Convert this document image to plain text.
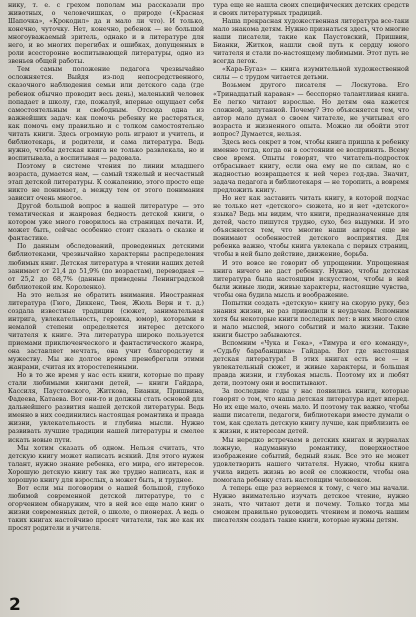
нику, т. е. с грехом пополам мы рассказали про животных, о человечишках, о природе («Красная Шапочка», «Крокодил» да и мало ли что). И только, конечно, чуточку. Нет, конечно, ребенок — не большой многоуважаемый зритель, однако и в литературе для него, и во многих перегибах и ошибках, допущенных в роли всесторонне воспитывающей литературы, одно из звеньев общей работы.

Тем самым положение педагога чрезвычайно осложняется. Выйдя из-под непосредственного, сказочного наблюдения семьи или детского сада (где ребенок обычно проводит весь день), маленький человек попадает в школу, где, пожалуй, впервые ощущает себя самостоятельным и свободным. Отсюда одна из важнейших задач: как помочь ребенку не растеряться, как помочь ему правильно и с толком самостоятельно читать книги. Здесь огромную роль играют и учитель, и библиотекарь, и родители, и сама литература. Ведь нужно, чтобы детская книга не только развлекала, но и воспитывала, а воспитывая — радовала.

Поэтому в системе чтения по линии младшего возраста, думается нам, — самый тяжелый и несчастный этап детской литературы. К сожалению, этого просто еще никто не понимает, а между тем от этого понимания зависит очень многое.

Другой большой вопрос в нашей литературе — это тематическая и жанровая бедность детской книги, о котором уже много говорилось на страницах печати. И, может быть, сейчас особенно стоит сказать о сказке и фантастике.

По данным обследований, проведенных детскими библиотеками, чрезвычайно характерны распределения любимых книг. Детская литература в чтении наших детей занимает от 21,4 до 51,9% (по возрастам), переводная — от 25,2 до 68,7% (данные приведены Ленинградской библиотекой им. Короленко).

На это нельзя не обратить внимания. Иностранная литература (Гюго, Диккенс, Твен, Жюль Верн и т. д.) создала известные традиции (сюжет, занимательная интрига, увлекательность, героика, юмор), которыми в немалой степени определяется интерес детского читателя к книге. Эта литература широко пользуется приемами приключенческого и фантастического жанра, она заставляет мечтать, она учит благородству и мужеству. Мы же долгое время пренебрегали этими жанрами, считая их второстепенными.

Но в то же время у нас есть книги, которые по праву стали любимыми книгами детей, — книги Гайдара, Кассиля, Паустовского, Житкова, Бианки, Пришвина, Фадеева, Катаева. Вот они-то и должны стать основой для дальнейшего развития нашей детской литературы. Ведь именно в них соединились настоящая романтика и правда жизни, увлекательность и глубина мысли. Нужно развивать лучшие традиции нашей литературы и смелее искать новые пути.

Мы хотим сказать об одном. Нельзя считать, что детскую книгу может написать всякий. Для этого нужен талант, нужно знание ребенка, его мира, его интересов. Хорошую детскую книгу так же трудно написать, как и хорошую книгу для взрослых, а может быть, и труднее.

Вот если мы поговорим о нашей большой, глубоко любимой современной детской литературе, то с огорчением обнаружим, что в ней все еще мало книг о жизни современных детей, о школе, о пионерах. А ведь о таких книгах настойчиво просят читатели, так же как их просят родители и учителя.

тура еще не нашла своих специфических детских средств и своих литературных традиций.

Наша прекрасная художественная литература все-таки мало знакома детям. Нужно признаться здесь, что многие наши писатели, такие как Паустовский, Пришвин, Бианки, Житков, нашли свой путь к сердцу юного читателя и стали по-настоящему любимыми. Этот путь не всегда легок.

«Кара-Бугаз» — книга изумительной художественной силы — с трудом читается детьми.

Возьмем другого писателя — Лоскутова. Его «Тринадцатый караван» — бесспорно талантливая книга. Ее легко читают взрослые. Но детям она кажется сложной, запутанной. Почему? Это объясняется тем, что автор мало думал о своем читателе, не учитывал его возраста и жизненного опыта. Можно ли обойти этот вопрос? Думается, нельзя.

Здесь весь секрет в том, чтобы книга пришла к ребенку именно тогда, когда он в состоянии ее воспринять. Всему свое время. Опыты говорят, что читатель-подросток отбрасывает книгу, если она ему не по силам, но с жадностью возвращается к ней через год-два. Значит, задача педагога и библиотекаря — не торопить, а вовремя предложить книгу.

Но нет как заставить читать книгу, в которой подчас не только нет «детского» сюжета, но и нет «детского» языка? Ведь мы видим, что книги, предназначенные для детей, часто пишутся трудно, сухо, без выдумки. И это объясняется тем, что многие наши авторы еще не понимают особенностей детского восприятия. Для ребенка важно, чтобы книга увлекала с первых страниц, чтобы в ней было действие, движение, борьба.

И это вовсе не говорит об упрощении. Упрощенная книга ничего не даст ребенку. Нужно, чтобы детская литература была настоящим искусством, чтобы в ней были живые люди, живые характеры, настоящие чувства, чтобы она будила мысль и воображение.

Попытки создать «детскую» книгу на скорую руку, без знания жизни, не раз приводили к неудачам. Вспомним хотя бы некоторые книги последних лет: в них много слов и мало мыслей, много событий и мало жизни. Такие книги быстро забываются.

Вспомним «Чука и Гека», «Тимура и его команду», «Судьбу барабанщика» Гайдара. Вот где настоящая детская литература! В этих книгах есть все — и увлекательный сюжет, и живые характеры, и большая правда жизни, и глубокая мысль. Поэтому их и любят дети, поэтому они и воспитывают.

За последние годы у нас появились книги, которые говорят о том, что наша детская литература идет вперед. Но их еще мало, очень мало. И поэтому так важно, чтобы наши писатели, педагоги, библиотекари вместе думали о том, как сделать детскую книгу лучше, как приблизить ее к жизни, к интересам детей.

Мы нередко встречаем в детских книгах и журналах ложную, надуманную романтику, поверхностное изображение событий, бедный язык. Все это не может удовлетворить нашего читателя. Нужно, чтобы книга учила видеть жизнь во всей ее сложности, чтобы она помогала ребенку стать настоящим человеком.

А теперь еще раз вернемся к тому, с чего мы начали. Нужно внимательно изучать детское чтение, нужно знать, что читают дети и почему. Только тогда мы сможем правильно руководить чтением и помочь нашим писателям создать такие книги, которые нужны детям.

2
